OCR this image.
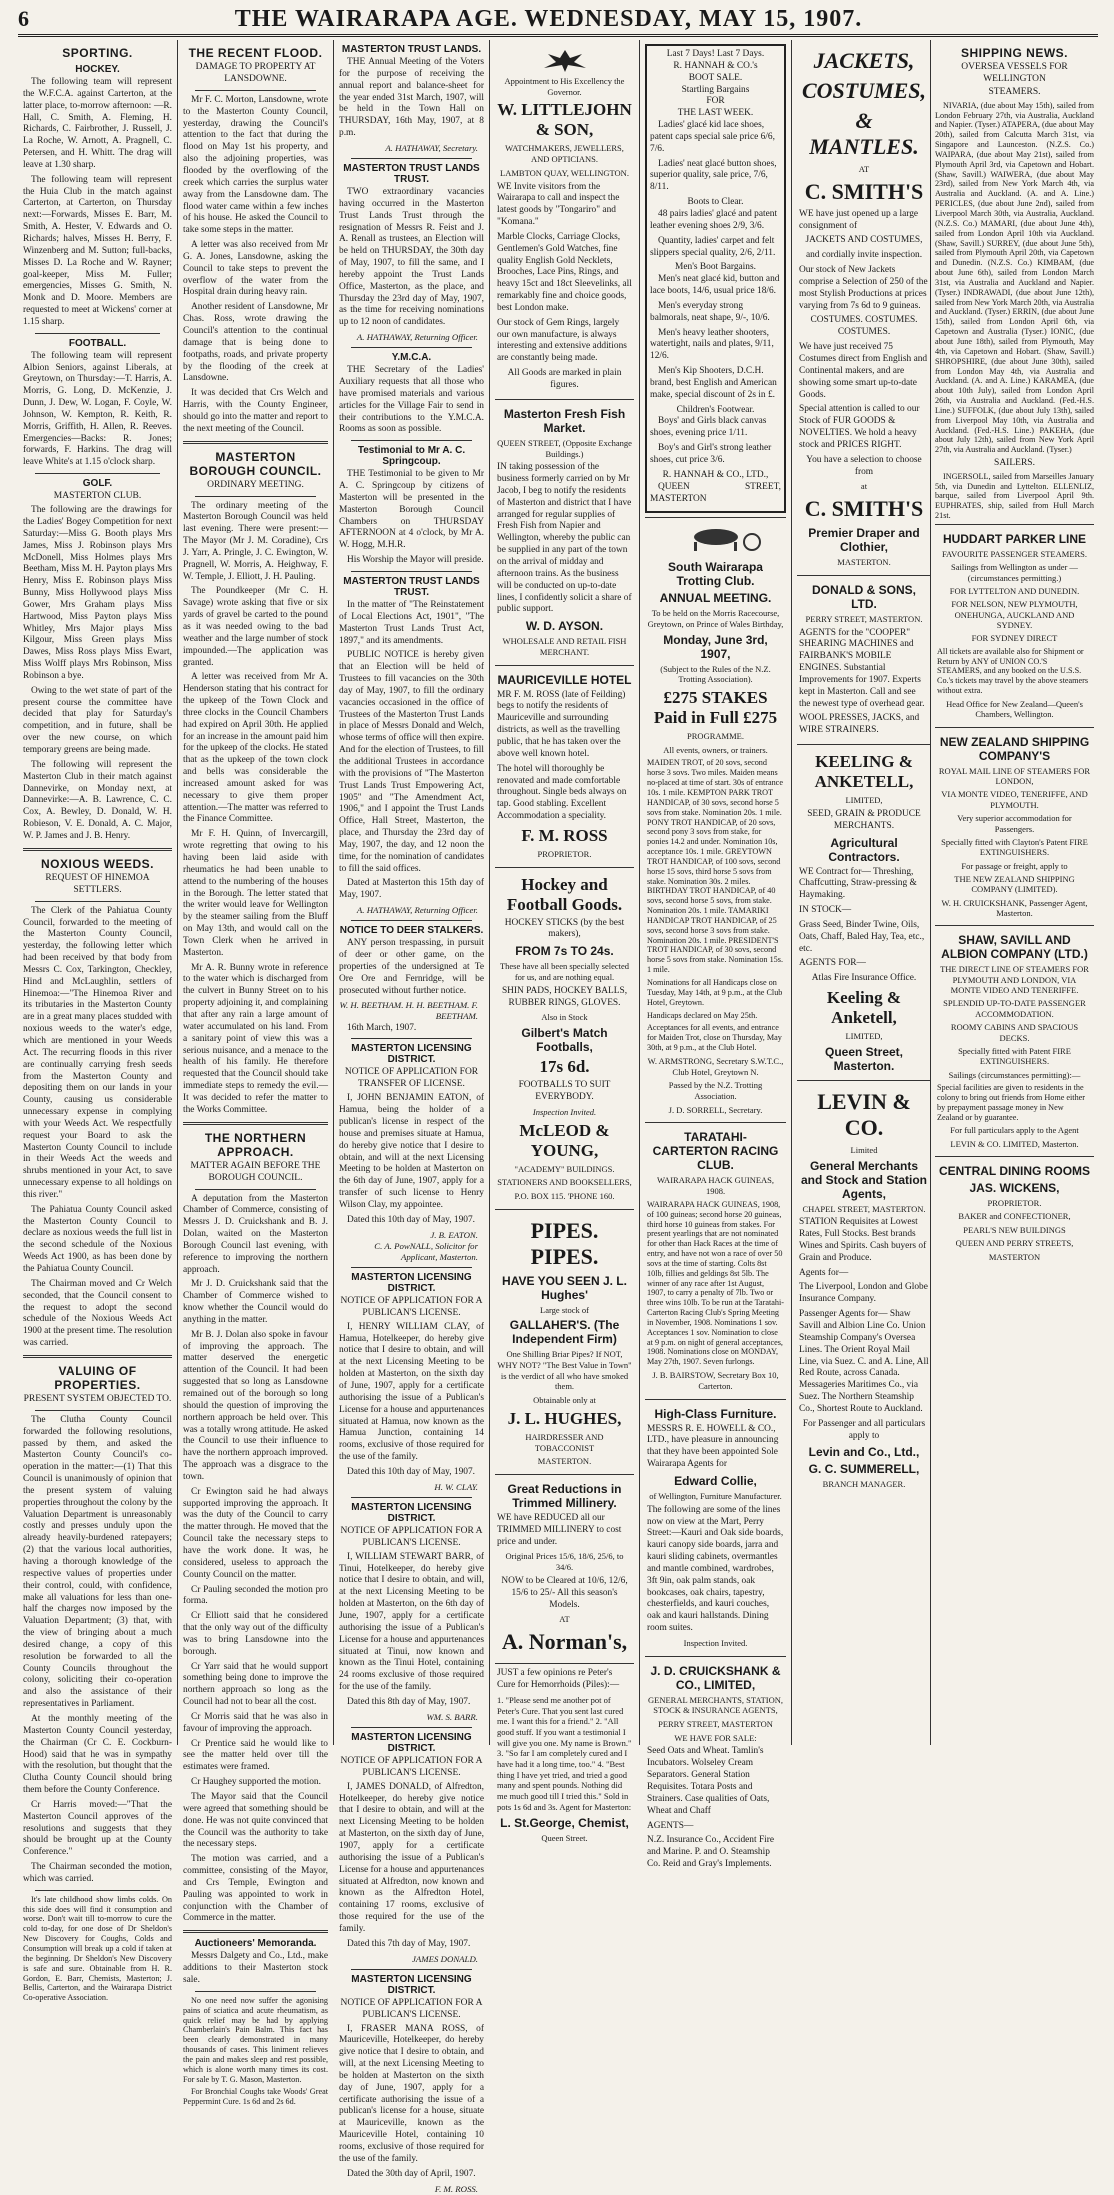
6	THE WAIRARAPA AGE. WEDNESDAY, MAY 15, 1907.
SPORTING.
HOCKEY.

The following team will represent the W.F.C.A. against Carterton, at the latter place, to-morrow afternoon: —R. Hall, C. Smith, A. Fleming, H. Richards, C. Fairbrother, J. Russell, J. La Roche, W. Arnott, A. Pragnell, C. Petersen, and H. Whitt. The drag will leave at 1.30 sharp.

The following team will represent the Huia Club in the match against Carterton, at Carterton, on Thursday next:—Forwards, Misses E. Barr, M. Smith, A. Hester, V. Edwards and O. Richards; halves, Misses H. Berry, F. Winzenberg and M. Sutton; full-backs, Misses D. La Roche and W. Rayner; goal-keeper, Miss M. Fuller; emergencies, Misses G. Smith, N. Monk and D. Moore. Members are requested to meet at Wickens' corner at 1.15 sharp.

FOOTBALL.

The following team will represent Albion Seniors, against Liberals, at Greytown, on Thursday:—T. Harris, A. Morris, G. Long, D. McKenzie, J. Dunn, J. Dew, W. Logan, F. Coyle, W. Johnson, W. Kempton, R. Keith, R. Morris, Griffith, H. Allen, R. Reeves. Emergencies—Backs: R. Jones; forwards, F. Harkins. The drag will leave White's at 1.15 o'clock sharp.

GOLF.
MASTERTON CLUB.

The following are the drawings for the Ladies' Bogey Competition for next Saturday:—Miss G. Booth plays Mrs James, Miss J. Robinson plays Mrs McDonell, Miss Holmes plays Mrs Beetham, Miss M. H. Payton plays Mrs Henry, Miss E. Robinson plays Miss Bunny, Miss Hollywood plays Miss Gower, Mrs Graham plays Miss Hartwood, Miss Payton plays Miss Whitley, Mrs Major plays Miss Kilgour, Miss Green plays Miss Dawes, Miss Ross plays Miss Ewart, Miss Wolff plays Mrs Robinson, Miss Robinson a bye.

Owing to the wet state of part of the present course the committee have decided that play for Saturday's competition, and in future, shall be over the new course, on which temporary greens are being made.

The following will represent the Masterton Club in their match against Dannevirke, on Monday next, at Dannevirke:—A. B. Lawrence, C. C. Cox, A. Bewley, D. Donald, W. H. Robieson, V. E. Donald, A. C. Major, W. P. James and J. B. Henry.

NOXIOUS WEEDS.
REQUEST OF HINEMOA SETTLERS.

The Clerk of the Pahiatua County Council, forwarded to the meeting of the Masterton County Council, yesterday, the following letter which had been received by that body from Messrs C. Cox, Tarkington, Checkley, Hind and McLaughlin, settlers of Hinemoa:—"The Hinemoa River and its tributaries in the Masterton County are in a great many places studded with noxious weeds to the water's edge, which are mentioned in your Weeds Act. The recurring floods in this river are continually carrying fresh seeds from the Masterton County and depositing them on our lands in your County, causing us considerable unnecessary expense in complying with your Weeds Act. We respectfully request your Board to ask the Masterton County Council to include in their Weeds Act the weeds and shrubs mentioned in your Act, to save unnecessary expense to all holdings on this river."

The Pahiatua County Council asked the Masterton County Council to declare as noxious weeds the full list in the second schedule of the Noxious Weeds Act 1900, as has been done by the Pahiatua County Council.

The Chairman moved and Cr Welch seconded, that the Council consent to the request to adopt the second schedule of the Noxious Weeds Act 1900 at the present time. The resolution was carried.

VALUING OF PROPERTIES.
PRESENT SYSTEM OBJECTED TO.

The Clutha County Council forwarded the following resolutions, passed by them, and asked the Masterton County Council's co-operation in the matter:—(1) That this Council is unanimously of opinion that the present system of valuing properties throughout the colony by the Valuation Department is unreasonably costly and presses unduly upon the already heavily-burdened ratepayers; (2) that the various local authorities, having a thorough knowledge of the respective values of properties under their control, could, with confidence, make all valuations for less than one-half the charges now imposed by the Valuation Department; (3) that, with the view of bringing about a much desired change, a copy of this resolution be forwarded to all the County Councils throughout the colony, soliciting their co-operation and also the assistance of their representatives in Parliament.

At the monthly meeting of the Masterton County Council yesterday, the Chairman (Cr C. E. Cockburn-Hood) said that he was in sympathy with the resolution, but thought that the Clutha County Council should bring them before the County Conference.

Cr Harris moved:—"That the Masterton Council approves of the resolutions and suggests that they should be brought up at the County Conference."

The Chairman seconded the motion, which was carried.

It's late childhood show limbs colds. On this side does will find it consumption and worse. Don't wait till to-morrow to cure the cold to-day, for one dose of Dr Sheldon's New Discovery for Coughs, Colds and Consumption will break up a cold if taken at the beginning. Dr Sheldon's New Discovery is safe and sure. Obtainable from H. R. Gordon, E. Barr, Chemists, Masterton; J. Bellis, Carterton, and the Wairarapa District Co-operative Association.

THE RECENT FLOOD.
DAMAGE TO PROPERTY AT LANSDOWNE.

Mr F. C. Morton, Lansdowne, wrote to the Masterton County Council, yesterday, drawing the Council's attention to the fact that during the flood on May 1st his property, and also the adjoining properties, was flooded by the overflowing of the creek which carries the surplus water away from the Lansdowne dam. The flood water came within a few inches of his house. He asked the Council to take some steps in the matter.

A letter was also received from Mr G. A. Jones, Lansdowne, asking the Council to take steps to prevent the overflow of the water from the Hospital drain during heavy rain.

Another resident of Lansdowne, Mr Chas. Ross, wrote drawing the Council's attention to the continual damage that is being done to footpaths, roads, and private property by the flooding of the creek at Lansdowne.

It was decided that Crs Welch and Harris, with the County Engineer, should go into the matter and report to the next meeting of the Council.

MASTERTON BOROUGH COUNCIL.
ORDINARY MEETING.

The ordinary meeting of the Masterton Borough Council was held last evening. There were present:—The Mayor (Mr J. M. Coradine), Crs J. Yarr, A. Pringle, J. C. Ewington, W. Pragnell, W. Morris, A. Heighway, F. W. Temple, J. Elliott, J. H. Pauling.

The Poundkeeper (Mr C. H. Savage) wrote asking that five or six yards of gravel be carted to the pound as it was needed owing to the bad weather and the large number of stock impounded.—The application was granted.

A letter was received from Mr A. Henderson stating that his contract for the upkeep of the Town Clock and three clocks in the Council Chambers had expired on April 30th. He applied for an increase in the amount paid him for the upkeep of the clocks. He stated that as the upkeep of the town clock and bells was considerable the increased amount asked for was necessary to give them proper attention.—The matter was referred to the Finance Committee.

Mr F. H. Quinn, of Invercargill, wrote regretting that owing to his having been laid aside with rheumatics he had been unable to attend to the numbering of the houses in the Borough. The letter stated that the writer would leave for Wellington by the steamer sailing from the Bluff on May 13th, and would call on the Town Clerk when he arrived in Masterton.

Mr A. R. Bunny wrote in reference to the water which is discharged from the culvert in Bunny Street on to his property adjoining it, and complaining that after any rain a large amount of water accumulated on his land. From a sanitary point of view this was a serious nuisance, and a menace to the health of his family. He therefore requested that the Council should take immediate steps to remedy the evil.—It was decided to refer the matter to the Works Committee.

THE NORTHERN APPROACH.
MATTER AGAIN BEFORE THE BOROUGH COUNCIL.

A deputation from the Masterton Chamber of Commerce, consisting of Messrs J. D. Cruickshank and B. J. Dolan, waited on the Masterton Borough Council last evening, with reference to improving the northern approach.

Mr J. D. Cruickshank said that the Chamber of Commerce wished to know whether the Council would do anything in the matter.

Mr B. J. Dolan also spoke in favour of improving the approach. The matter deserved the energetic attention of the Council. It had been suggested that so long as Lansdowne remained out of the borough so long should the question of improving the northern approach be held over. This was a totally wrong attitude. He asked the Council to use their influence to have the northern approach improved. The approach was a disgrace to the town.

Cr Ewington said he had always supported improving the approach. It was the duty of the Council to carry the matter through. He moved that the Council take the necessary steps to have the work done. It was, he considered, useless to approach the County Council on the matter.

Cr Pauling seconded the motion pro forma.

Cr Elliott said that he considered that the only way out of the difficulty was to bring Lansdowne into the borough.

Cr Yarr said that he would support something being done to improve the northern approach so long as the Council had not to bear all the cost.

Cr Morris said that he was also in favour of improving the approach.

Cr Prentice said he would like to see the matter held over till the estimates were framed.

Cr Haughey supported the motion.

The Mayor said that the Council were agreed that something should be done. He was not quite convinced that the Council was the authority to take the necessary steps.

The motion was carried, and a committee, consisting of the Mayor, and Crs Temple, Ewington and Pauling was appointed to work in conjunction with the Chamber of Commerce in the matter.

Auctioneers' Memoranda.

Messrs Dalgety and Co., Ltd., make additions to their Masterton stock sale.

No one need now suffer the agonising pains of sciatica and acute rheumatism, as quick relief may be had by applying Chamberlain's Pain Balm. This fact has been clearly demonstrated in many thousands of cases. This liniment relieves the pain and makes sleep and rest possible, which is alone worth many times its cost. For sale by T. G. Mason, Masterton.

For Bronchial Coughs take Woods' Great Peppermint Cure. 1s 6d and 2s 6d.

MASTERTON TRUST LANDS.

THE Annual Meeting of the Voters for the purpose of receiving the annual report and balance-sheet for the year ended 31st March, 1907, will be held in the Town Hall on THURSDAY, 16th May, 1907, at 8 p.m.

A. HATHAWAY, Secretary.
MASTERTON TRUST LANDS TRUST.

TWO extraordinary vacancies having occurred in the Masterton Trust Lands Trust through the resignation of Messrs R. Feist and J. A. Renall as trustees, an Election will be held on THURSDAY, the 30th day of May, 1907, to fill the same, and I hereby appoint the Trust Lands Office, Masterton, as the place, and Thursday the 23rd day of May, 1907, as the time for receiving nominations up to 12 noon of candidates.

A. HATHAWAY, Returning Officer.
Y.M.C.A.

THE Secretary of the Ladies' Auxiliary requests that all those who have promised materials and various articles for the Village Fair to send in their contributions to the Y.M.C.A. Rooms as soon as possible.

Testimonial to Mr A. C. Springcoup.

THE Testimonial to be given to Mr A. C. Springcoup by citizens of Masterton will be presented in the Masterton Borough Council Chambers on THURSDAY AFTERNOON at 4 o'clock, by Mr A. W. Hogg, M.H.R.

His Worship the Mayor will preside.

MASTERTON TRUST LANDS TRUST.

In the matter of "The Reinstatement of Local Elections Act, 1901", "The Masterton Trust Lands Trust Act, 1897," and its amendments.

PUBLIC NOTICE is hereby given that an Election will be held of Trustees to fill vacancies on the 30th day of May, 1907, to fill the ordinary vacancies occasioned in the office of Trustees of the Masterton Trust Lands in place of Messrs Donald and Welch, whose terms of office will then expire. And for the election of Trustees, to fill the additional Trustees in accordance with the provisions of "The Masterton Trust Lands Trust Empowering Act, 1905" and "The Amendment Act, 1906," and I appoint the Trust Lands Office, Hall Street, Masterton, the place, and Thursday the 23rd day of May, 1907, the day, and 12 noon the time, for the nomination of candidates to fill the said offices.

Dated at Masterton this 15th day of May, 1907.

A. HATHAWAY, Returning Officer.
NOTICE TO DEER STALKERS.

ANY person trespassing, in pursuit of deer or other game, on the properties of the undersigned at Te Ore Ore and Fernridge, will be prosecuted without further notice.

W. H. BEETHAM. H. H. BEETHAM. F. BEETHAM.

16th March, 1907.

MASTERTON LICENSING DISTRICT.
NOTICE OF APPLICATION FOR TRANSFER OF LICENSE.

I, JOHN BENJAMIN EATON, of Hamua, being the holder of a publican's license in respect of the house and premises situate at Hamua, do hereby give notice that I desire to obtain, and will at the next Licensing Meeting to be holden at Masterton on the 6th day of June, 1907, apply for a transfer of such license to Henry Wilson Clay, my appointee.

Dated this 10th day of May, 1907.

J. B. EATON.
C. A. PowNALL, Solicitor for Applicant, Masterton.
MASTERTON LICENSING DISTRICT.
NOTICE OF APPLICATION FOR A PUBLICAN'S LICENSE.

I, HENRY WILLIAM CLAY, of Hamua, Hotelkeeper, do hereby give notice that I desire to obtain, and will at the next Licensing Meeting to be holden at Masterton, on the sixth day of June, 1907, apply for a certificate authorising the issue of a Publican's License for a house and appurtenances situated at Hamua, now known as the Hamua Junction, containing 14 rooms, exclusive of those required for the use of the family.

Dated this 10th day of May, 1907.

H. W. CLAY.
MASTERTON LICENSING DISTRICT.
NOTICE OF APPLICATION FOR A PUBLICAN'S LICENSE.

I, WILLIAM STEWART BARR, of Tinui, Hotelkeeper, do hereby give notice that I desire to obtain, and will, at the next Licensing Meeting to be holden at Masterton, on the 6th day of June, 1907, apply for a certificate authorising the issue of a Publican's License for a house and appurtenances situated at Tinui, now known and known as the Tinui Hotel, containing 24 rooms exclusive of those required for the use of the family.

Dated this 8th day of May, 1907.

WM. S. BARR.
MASTERTON LICENSING DISTRICT.
NOTICE OF APPLICATION FOR A PUBLICAN'S LICENSE.

I, JAMES DONALD, of Alfredton, Hotelkeeper, do hereby give notice that I desire to obtain, and will at the next Licensing Meeting to be holden at Masterton, on the sixth day of June, 1907, apply for a certificate authorising the issue of a Publican's License for a house and appurtenances situated at Alfredton, now known and known as the Alfredton Hotel, containing 17 rooms, exclusive of those required for the use of the family.

Dated this 7th day of May, 1907.

JAMES DONALD.
MASTERTON LICENSING DISTRICT.
NOTICE OF APPLICATION FOR A PUBLICAN'S LICENSE.

I, FRASER MANA ROSS, of Mauriceville, Hotelkeeper, do hereby give notice that I desire to obtain, and will, at the next Licensing Meeting to be holden at Masterton on the sixth day of June, 1907, apply for a certificate authorising the issue of a publican's license for a house, situate at Mauriceville, known as the Mauriceville Hotel, containing 10 rooms, exclusive of those required for the use of the family.

Dated the 30th day of April, 1907.

F. M. ROSS.

Appointment to His Excellency the Governor.

W. LITTLEJOHN & SON,

WATCHMAKERS, JEWELLERS, AND OPTICIANS.

LAMBTON QUAY, WELLINGTON.

WE Invite visitors from the Wairarapa to call and inspect the latest goods by "Tongariro" and "Komana."

Marble Clocks, Carriage Clocks, Gentlemen's Gold Watches, fine quality English Gold Necklets, Brooches, Lace Pins, Rings, and heavy 15ct and 18ct Sleevelinks, all remarkably fine and choice goods, best London make.

Our stock of Gem Rings, largely our own manufacture, is always interesting and extensive additions are constantly being made.

All Goods are marked in plain figures.

Masterton Fresh Fish Market.

QUEEN STREET, (Opposite Exchange Buildings.)

IN taking possession of the business formerly carried on by Mr Jacob, I beg to notify the residents of Masterton and district that I have arranged for regular supplies of Fresh Fish from Napier and Wellington, whereby the public can be supplied in any part of the town on the arrival of midday and afternoon trains. As the business will be conducted on up-to-date lines, I confidently solicit a share of public support.

W. D. AYSON.

WHOLESALE AND RETAIL FISH MERCHANT.

MAURICEVILLE HOTEL

MR F. M. ROSS (late of Feilding) begs to notify the residents of Mauriceville and surrounding districts, as well as the travelling public, that he has taken over the above well known hotel.

The hotel will thoroughly be renovated and made comfortable throughout. Single beds always on tap. Good stabling. Excellent Accommodation a speciality.

F. M. ROSS

PROPRIETOR.

Hockey and Football Goods.

HOCKEY STICKS (by the best makers),

FROM 7s TO 24s.

These have all been specially selected for us, and are nothing equal.

SHIN PADS, HOCKEY BALLS, RUBBER RINGS, GLOVES.

Also in Stock

Gilbert's Match Footballs,
17s 6d.

FOOTBALLS TO SUIT EVERYBODY.

Inspection Invited.

McLEOD & YOUNG,

"ACADEMY" BUILDINGS.

STATIONERS AND BOOKSELLERS,

P.O. BOX 115. 'PHONE 160.

PIPES. PIPES.
HAVE YOU SEEN J. L. Hughes'

Large stock of

GALLAHER'S. (The Independent Firm)

One Shilling Briar Pipes? If NOT, WHY NOT? "The Best Value in Town" is the verdict of all who have smoked them.

Obtainable only at

J. L. HUGHES,

HAIRDRESSER AND TOBACCONIST

MASTERTON.

Great Reductions in Trimmed Millinery.

WE have REDUCED all our TRIMMED MILLINERY to cost price and under.

Original Prices 15/6, 18/6, 25/6, to 34/6.

NOW to be Cleared at 10/6, 12/6, 15/6 to 25/- All this season's Models.

AT

A. Norman's,

JUST a few opinions re Peter's Cure for Hemorrhoids (Piles):—

1. "Please send me another pot of Peter's Cure. That you sent last cured me. I want this for a friend." 2. "All good stuff. If you want a testimonial I will give you one. My name is Brown." 3. "So far I am completely cured and I have had it a long time, too." 4. "Best thing I have yet tried, and tried a good many and spent pounds. Nothing did me much good till I tried this." Sold in pots 1s 6d and 3s. Agent for Masterton:

L. St.George, Chemist,

Queen Street.

Last 7 Days! Last 7 Days.
R. HANNAH & CO.'s
BOOT SALE.
Startling Bargains
FOR
THE LAST WEEK.

Ladies' glacé kid lace shoes, patent caps special sale price 6/6, 7/6.

Ladies' neat glacé button shoes, superior quality, sale price, 7/6, 8/11.

Boots to Clear.

48 pairs ladies' glacé and patent leather evening shoes 2/9, 3/6.

Quantity, ladies' carpet and felt slippers special quality, 2/6, 2/11.

Men's Boot Bargains.

Men's neat glacé kid, button and lace boots, 14/6, usual price 18/6.

Men's everyday strong balmorals, neat shape, 9/-, 10/6.

Men's heavy leather shooters, watertight, nails and plates, 9/11, 12/6.

Men's Kip Shooters, D.C.H. brand, best English and American make, special discount of 2s in £.

Children's Footwear.

Boys' and Girls black canvas shoes, evening price 1/11.

Boy's and Girl's strong leather shoes, cut price 3/6.

R. HANNAH & CO., LTD.,

QUEEN STREET, MASTERTON

South Wairarapa Trotting Club.
ANNUAL MEETING.

To be held on the Morris Racecourse, Greytown, on Prince of Wales Birthday,

Monday, June 3rd, 1907,

(Subject to the Rules of the N.Z. Trotting Association).

£275 STAKES Paid in Full £275

PROGRAMME.

All events, owners, or trainers.

MAIDEN TROT, of 20 sovs, second horse 3 sovs. Two miles. Maiden means no-placed at time of start. 30s of entrance 10s. 1 mile. KEMPTON PARK TROT HANDICAP, of 30 sovs, second horse 5 sovs from stake. Nomination 20s. 1 mile. PONY TROT HANDICAP, of 20 sovs, second pony 3 sovs from stake, for ponies 14.2 and under. Nomination 10s, acceptance 10s. 1 mile. GREYTOWN TROT HANDICAP, of 100 sovs, second horse 15 sovs, third horse 5 sovs from stake. Nomination 30s. 2 miles. BIRTHDAY TROT HANDICAP, of 40 sovs, second horse 5 sovs, from stake. Nomination 20s. 1 mile. TAMARIKI HANDICAP TROT HANDICAP, of 25 sovs, second horse 3 sovs from stake. Nomination 20s. 1 mile. PRESIDENT'S TROT HANDICAP, of 30 sovs, second horse 5 sovs from stake. Nomination 15s. 1 mile.

Nominations for all Handicaps close on Tuesday, May 14th, at 9 p.m., at the Club Hotel, Greytown.

Handicaps declared on May 25th.

Acceptances for all events, and entrance for Maiden Trot, close on Thursday, May 30th, at 9 p.m., at the Club Hotel.

W. ARMSTRONG, Secretary S.W.T.C., Club Hotel, Greytown N.

Passed by the N.Z. Trotting Association.

J. D. SORRELL, Secretary.

TARATAHI-CARTERTON RACING CLUB.

WAIRARAPA HACK GUINEAS, 1908.

WAIRARAPA HACK GUINEAS, 1908, of 100 guineas; second horse 20 guineas, third horse 10 guineas from stakes. For present yearlings that are not nominated for other than Hack Races at the time of entry, and have not won a race of over 50 sovs at the time of starting. Colts 8st 10lb, fillies and geldings 8st 5lb. The winner of any race after 1st August, 1907, to carry a penalty of 7lb. Two or three wins 10lb. To be run at the Taratahi-Carterton Racing Club's Spring Meeting in November, 1908. Nominations 1 sov. Acceptances 1 sov. Nomination to close at 9 p.m. on night of general acceptances, 1908. Nominations close on MONDAY, May 27th, 1907. Seven furlongs.

J. B. BAIRSTOW, Secretary Box 10, Carterton.

High-Class Furniture.

MESSRS R. E. HOWELL & CO., LTD., have pleasure in announcing that they have been appointed Sole Wairarapa Agents for

Edward Collie,

of Wellington, Furniture Manufacturer.

The following are some of the lines now on view at the Mart, Perry Street:—Kauri and Oak side boards, kauri canopy side boards, jarra and kauri sliding cabinets, overmantles and mantle combined, wardrobes, 3ft 9in, oak palm stands, oak bookcases, oak chairs, tapestry, chesterfields, and kauri couches, oak and kauri hallstands. Dining room suites.

Inspection Invited.

J. D. CRUICKSHANK & CO., LIMITED,

GENERAL MERCHANTS, STATION, STOCK & INSURANCE AGENTS,

PERRY STREET, MASTERTON

WE HAVE FOR SALE:

Seed Oats and Wheat. Tamlin's Incubators. Wolseley Cream Separators. General Station Requisites. Totara Posts and Strainers. Case qualities of Oats, Wheat and Chaff

AGENTS—

N.Z. Insurance Co., Accident Fire and Marine. P. and O. Steamship Co. Reid and Gray's Implements.

JACKETS,
COSTUMES,
& MANTLES.

AT

C. SMITH'S

WE have just opened up a large consignment of

JACKETS AND COSTUMES,

and cordially invite inspection.

Our stock of New Jackets comprise a Selection of 250 of the most Stylish Productions at prices varying from 7s 6d to 9 guineas.

COSTUMES. COSTUMES. COSTUMES.

We have just received 75 Costumes direct from English and Continental makers, and are showing some smart up-to-date Goods.

Special attention is called to our Stock of FUR GOODS & NOVELTIES. We hold a heavy stock and PRICES RIGHT.

You have a selection to choose from

at

C. SMITH'S
Premier Draper and Clothier,

MASTERTON.

DONALD & SONS, LTD.

PERRY STREET, MASTERTON.

AGENTS for the "COOPER" SHEARING MACHINES and FAIRBANK'S MOBILE ENGINES. Substantial Improvements for 1907. Experts kept in Masterton. Call and see the newest type of overhead gear.

WOOL PRESSES, JACKS, and WIRE STRAINERS.

KEELING & ANKETELL,

LIMITED,

SEED, GRAIN & PRODUCE MERCHANTS.

Agricultural Contractors.

WE Contract for— Threshing, Chaffcutting, Straw-pressing & Haymaking.

IN STOCK—

Grass Seed, Binder Twine, Oils, Oats, Chaff, Baled Hay, Tea, etc., etc.

AGENTS FOR—

Atlas Fire Insurance Office.

Keeling & Anketell,

LIMITED,

Queen Street, Masterton.
LEVIN & CO.

Limited

General Merchants and Stock and Station Agents,

CHAPEL STREET, MASTERTON.

STATION Requisites at Lowest Rates, Full Stocks. Best brands Wines and Spirits. Cash buyers of Grain and Produce.

Agents for—

The Liverpool, London and Globe Insurance Company.

Passenger Agents for— Shaw Savill and Albion Line Co. Union Steamship Company's Oversea Lines. The Orient Royal Mail Line, via Suez. C. and A. Line, All Red Route, across Canada. Messageries Maritimes Co., via Suez. The Northern Steamship Co., Shortest Route to Auckland.

For Passenger and all particulars apply to

Levin and Co., Ltd.,
G. C. SUMMERELL,

BRANCH MANAGER.

SHIPPING NEWS.
OVERSEA VESSELS FOR WELLINGTON
STEAMERS.

NIVARIA, (due about May 15th), sailed from London February 27th, via Australia, Auckland and Napier. (Tyser.) ATAPERA, (due about May 20th), sailed from Calcutta March 31st, via Singapore and Launceston. (N.Z.S. Co.) WAIPARA, (due about May 21st), sailed from Plymouth April 3rd, via Capetown and Hobart. (Shaw, Savill.) WAIWERA, (due about May 23rd), sailed from New York March 4th, via Australia and Auckland. (A. and A. Line.) PERICLES, (due about June 2nd), sailed from Liverpool March 30th, via Australia, Auckland. (N.Z.S. Co.) MAMARI, (due about June 4th), sailed from London April 10th via Auckland. (Shaw, Savill.) SURREY, (due about June 5th), sailed from Plymouth April 20th, via Capetown and Dunedin. (N.Z.S. Co.) KIMBAM, (due about June 6th), sailed from London March 31st, via Australia and Auckland and Napier. (Tyser.) INDRAWADI, (due about June 12th), sailed from New York March 20th, via Australia and Auckland. (Tyser.) ERRIN, (due about June 15th), sailed from London April 6th, via Capetown and Australia (Tyser.) IONIC, (due about June 18th), sailed from Plymouth, May 4th, via Capetown and Hobart. (Shaw, Savill.) SHROPSHIRE, (due about June 30th), sailed from London May 4th, via Australia and Auckland. (A. and A. Line.) KARAMEA, (due about 10th July), sailed from London April 26th, via Australia and Auckland. (Fed.-H.S. Line.) SUFFOLK, (due about July 13th), sailed from Liverpool May 10th, via Australia and Auckland. (Fed.-H.S. Line.) PAKEHA, (due about July 12th), sailed from New York April 27th, via Australia and Auckland. (Tyser.)

SAILERS.

INGERSOLL, sailed from Marseilles January 5th, via Dunedin and Lyttelton. ELLENLIZ, barque, sailed from Liverpool April 9th. EUPHRATES, ship, sailed from Hull March 21st.

HUDDART PARKER LINE

FAVOURITE PASSENGER STEAMERS.

Sailings from Wellington as under — (circumstances permitting.)

FOR LYTTELTON AND DUNEDIN.

FOR NELSON, NEW PLYMOUTH, ONEHUNGA, AUCKLAND AND SYDNEY.

FOR SYDNEY DIRECT

All tickets are available also for Shipment or Return by ANY of UNION CO.'S STEAMERS, and any booked on the U.S.S. Co.'s tickets may travel by the above steamers without extra.

Head Office for New Zealand—Queen's Chambers, Wellington.

NEW ZEALAND SHIPPING COMPANY'S

ROYAL MAIL LINE OF STEAMERS FOR LONDON,

VIA MONTE VIDEO, TENERIFFE, AND PLYMOUTH.

Very superior accommodation for Passengers.

Specially fitted with Clayton's Patent FIRE EXTINGUISHERS.

For passage or freight, apply to

THE NEW ZEALAND SHIPPING COMPANY (LIMITED).

W. H. CRUICKSHANK, Passenger Agent, Masterton.

SHAW, SAVILL AND ALBION COMPANY (LTD.)

THE DIRECT LINE OF STEAMERS FOR PLYMOUTH AND LONDON, VIA MONTE VIDEO AND TENERIFFE.

SPLENDID UP-TO-DATE PASSENGER ACCOMMODATION.

ROOMY CABINS AND SPACIOUS DECKS.

Specially fitted with Patent FIRE EXTINGUISHERS.

Sailings (circumstances permitting):—

Special facilities are given to residents in the colony to bring out friends from Home either by prepayment passage money in New Zealand or by guarantee.

For full particulars apply to the Agent

LEVIN & CO. LIMITED, Masterton.

CENTRAL DINING ROOMS
JAS. WICKENS,

PROPRIETOR.

BAKER and CONFECTIONER,

PEARL'S NEW BUILDINGS

QUEEN AND PERRY STREETS,

MASTERTON
